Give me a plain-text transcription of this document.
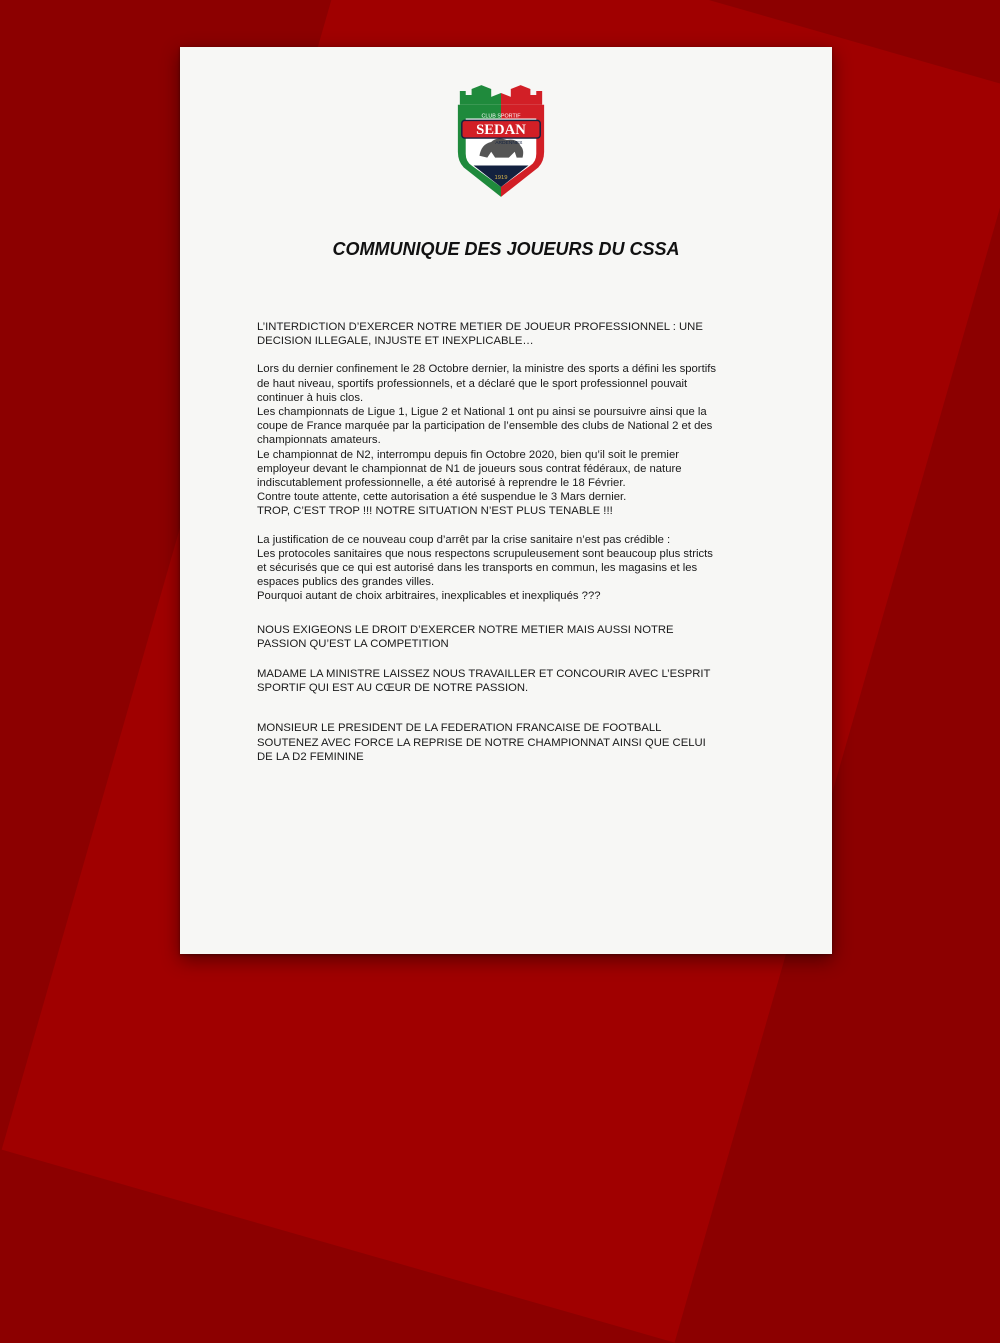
SEDAN
CLUB SPORTIF
ARDENNES
1919
COMMUNIQUE DES JOUEURS DU CSSA

L’INTERDICTION D’EXERCER NOTRE METIER DE JOUEUR PROFESSIONNEL : UNE
DECISION ILLEGALE, INJUSTE ET INEXPLICABLE…

Lors du dernier confinement le 28 Octobre dernier, la ministre des sports a défini les sportifs
de haut niveau, sportifs professionnels, et a déclaré que le sport professionnel pouvait
continuer à huis clos.
Les championnats de Ligue 1, Ligue 2 et National 1 ont pu ainsi se poursuivre ainsi que la
coupe de France marquée par la participation de l’ensemble des clubs de National 2 et des
championnats amateurs.
Le championnat de N2, interrompu depuis fin Octobre 2020, bien qu’il soit le premier
employeur devant le championnat de N1 de joueurs sous contrat fédéraux, de nature
indiscutablement professionnelle, a été autorisé à reprendre le 18 Février.
Contre toute attente, cette autorisation a été suspendue le 3 Mars dernier.
TROP, C’EST TROP !!! NOTRE SITUATION N’EST PLUS TENABLE !!!

La justification de ce nouveau coup d’arrêt par la crise sanitaire n’est pas crédible :
Les protocoles sanitaires que nous respectons scrupuleusement sont beaucoup plus stricts
et sécurisés que ce qui est autorisé dans les transports en commun, les magasins et les
espaces publics des grandes villes.
Pourquoi autant de choix arbitraires, inexplicables et inexpliqués ???

NOUS EXIGEONS LE DROIT D’EXERCER NOTRE METIER MAIS AUSSI NOTRE
PASSION QU’EST LA COMPETITION

MADAME LA MINISTRE LAISSEZ NOUS TRAVAILLER ET CONCOURIR AVEC L’ESPRIT
SPORTIF QUI EST AU CŒUR DE NOTRE PASSION.

MONSIEUR LE PRESIDENT DE LA FEDERATION FRANCAISE DE FOOTBALL
SOUTENEZ AVEC FORCE LA REPRISE DE NOTRE CHAMPIONNAT AINSI QUE CELUI
DE LA D2 FEMININE
